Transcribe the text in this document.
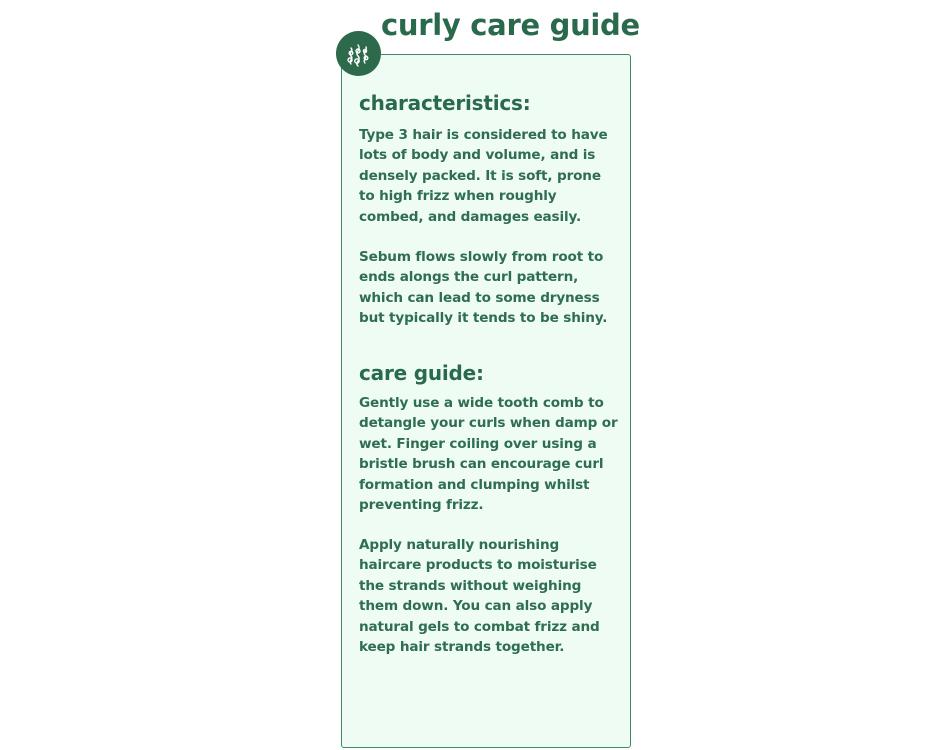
curly care guide
characteristics:

Type 3 hair is considered to have lots of body and volume, and is densely packed. It is soft, prone to high frizz when roughly combed, and damages easily.

Sebum flows slowly from root to ends alongs the curl pattern, which can lead to some dryness but typically it tends to be shiny.

care guide:

Gently use a wide tooth comb to detangle your curls when damp or wet. Finger coiling over using a bristle brush can encourage curl formation and clumping whilst preventing frizz.

Apply naturally nourishing haircare products to moisturise the strands without weighing them down. You can also apply natural gels to combat frizz and keep hair strands together.
